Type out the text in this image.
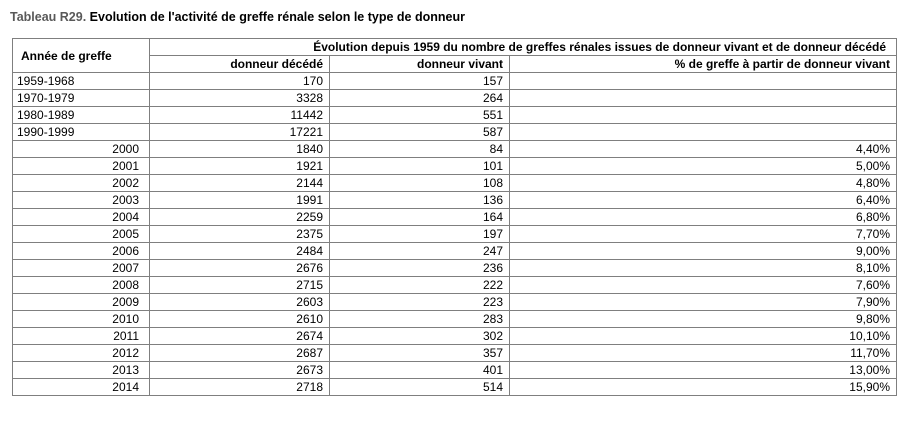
Tableau R29. Evolution de l'activité de greffe rénale selon le type de donneur
Année de greffe	Évolution depuis 1959 du nombre de greffes rénales issues de donneur vivant et de donneur décédé		
	donneur décédé	donneur vivant	% de greffe à partir de donneur vivant
1959-1968	170	157	
1970-1979	3328	264	
1980-1989	11442	551	
1990-1999	17221	587	
2000	1840	84	4,40%
2001	1921	101	5,00%
2002	2144	108	4,80%
2003	1991	136	6,40%
2004	2259	164	6,80%
2005	2375	197	7,70%
2006	2484	247	9,00%
2007	2676	236	8,10%
2008	2715	222	7,60%
2009	2603	223	7,90%
2010	2610	283	9,80%
2011	2674	302	10,10%
2012	2687	357	11,70%
2013	2673	401	13,00%
2014	2718	514	15,90%
